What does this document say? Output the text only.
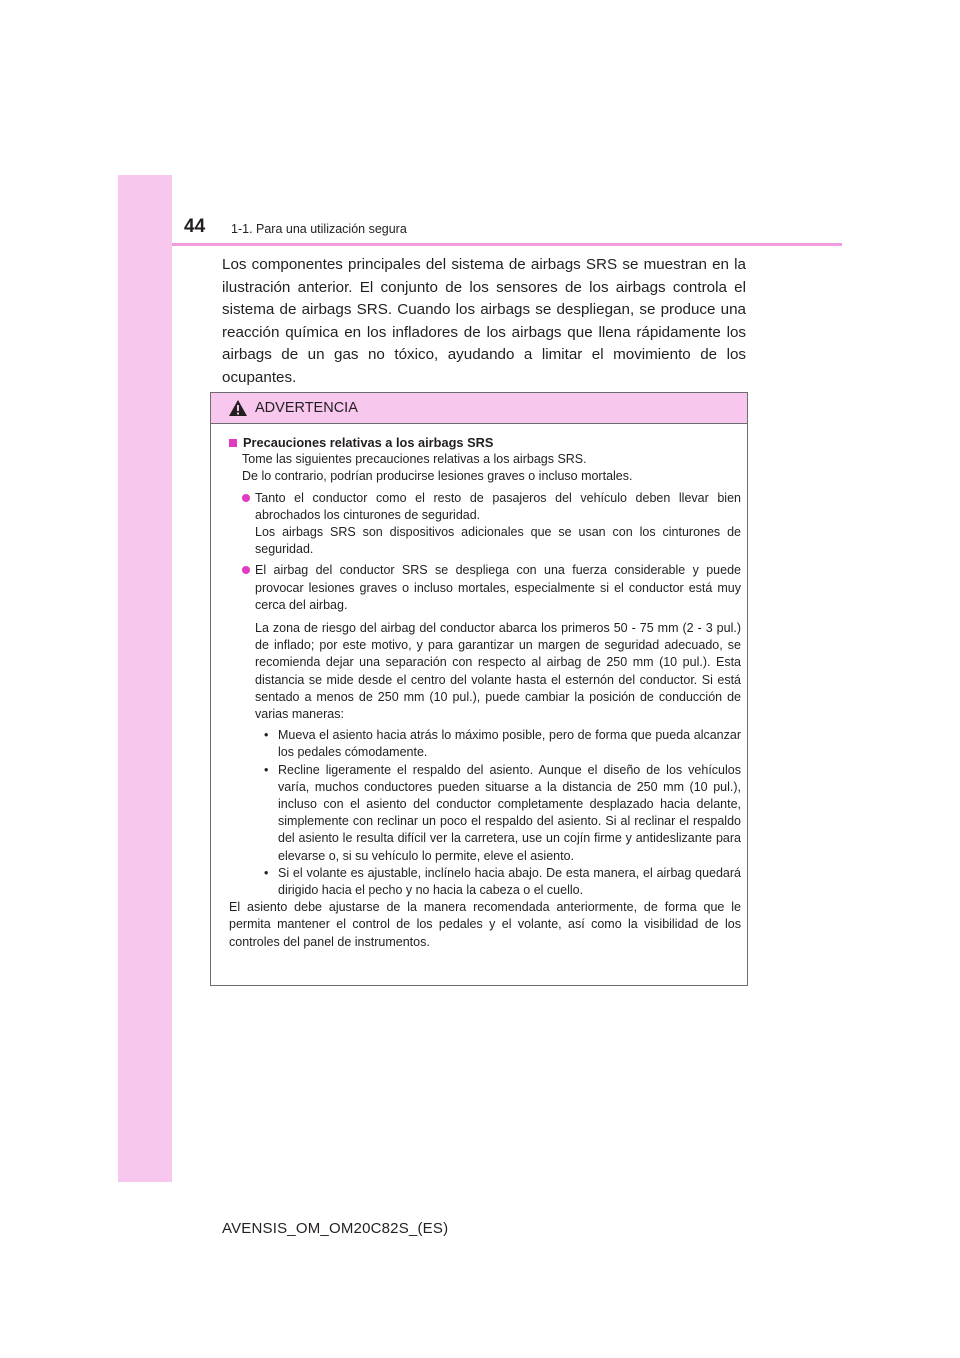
44 1-1. Para una utilización segura

Los componentes principales del sistema de airbags SRS se muestran en la ilustración anterior. El conjunto de los sensores de los airbags controla el sistema de airbags SRS. Cuando los airbags se despliegan, se produce una reacción química en los infladores de los airbags que llena rápidamente los airbags de un gas no tóxico, ayudando a limitar el movimiento de los ocupantes.

ADVERTENCIA
Precauciones relativas a los airbags SRS
Tome las siguientes precauciones relativas a los airbags SRS.
De lo contrario, podrían producirse lesiones graves o incluso mortales.

Tanto el conductor como el resto de pasajeros del vehículo deben llevar bien abrochados los cinturones de seguridad.

Los airbags SRS son dispositivos adicionales que se usan con los cinturones de seguridad.

El airbag del conductor SRS se despliega con una fuerza considerable y puede provocar lesiones graves o incluso mortales, especialmente si el conductor está muy cerca del airbag.

La zona de riesgo del airbag del conductor abarca los primeros 50 - 75 mm (2 - 3 pul.) de inflado; por este motivo, y para garantizar un margen de seguridad adecuado, se recomienda dejar una separación con respecto al airbag de 250 mm (10 pul.). Esta distancia se mide desde el centro del volante hasta el esternón del conductor. Si está sentado a menos de 250 mm (10 pul.), puede cambiar la posición de conducción de varias maneras:

• Mueva el asiento hacia atrás lo máximo posible, pero de forma que pueda alcanzar los pedales cómodamente.
• Recline ligeramente el respaldo del asiento. Aunque el diseño de los vehículos varía, muchos conductores pueden situarse a la distancia de 250 mm (10 pul.), incluso con el asiento del conductor completamente desplazado hacia delante, simplemente con reclinar un poco el respaldo del asiento. Si al reclinar el respaldo del asiento le resulta difícil ver la carretera, use un cojín firme y antideslizante para elevarse o, si su vehículo lo permite, eleve el asiento.
• Si el volante es ajustable, inclínelo hacia abajo. De esta manera, el airbag quedará dirigido hacia el pecho y no hacia la cabeza o el cuello.
El asiento debe ajustarse de la manera recomendada anteriormente, de forma que le permita mantener el control de los pedales y el volante, así como la visibilidad de los controles del panel de instrumentos.
AVENSIS_OM_OM20C82S_(ES)
